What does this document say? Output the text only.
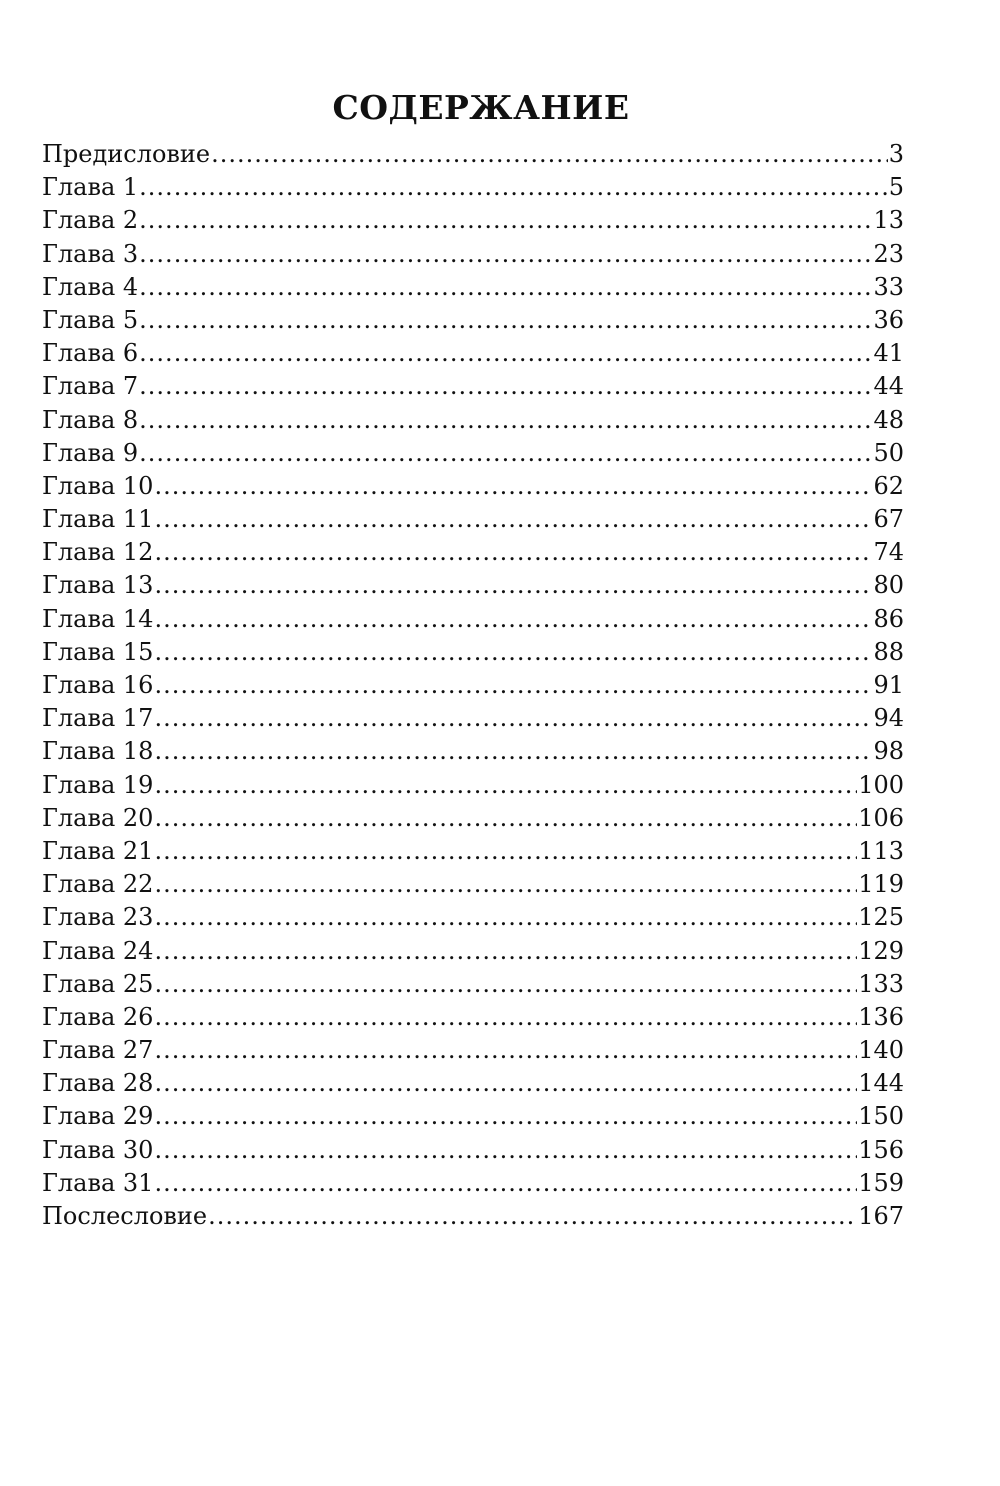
СОДЕРЖАНИЕ
Предисловие .....	3
Глава 1 .....	5
Глава 2 .....	13
Глава 3 .....	23
Глава 4 .....	33
Глава 5 .....	36
Глава 6 .....	41
Глава 7 .....	44
Глава 8 .....	48
Глава 9 .....	50
Глава 10 .....	62
Глава 11 .....	67
Глава 12 .....	74
Глава 13 .....	80
Глава 14 .....	86
Глава 15 .....	88
Глава 16 .....	91
Глава 17 .....	94
Глава 18 .....	98
Глава 19 .....	100
Глава 20 .....	106
Глава 21 .....	113
Глава 22 .....	119
Глава 23 .....	125
Глава 24 .....	129
Глава 25 .....	133
Глава 26 .....	136
Глава 27 .....	140
Глава 28 .....	144
Глава 29 .....	150
Глава 30 .....	156
Глава 31 .....	159
Послесловие .....	167
